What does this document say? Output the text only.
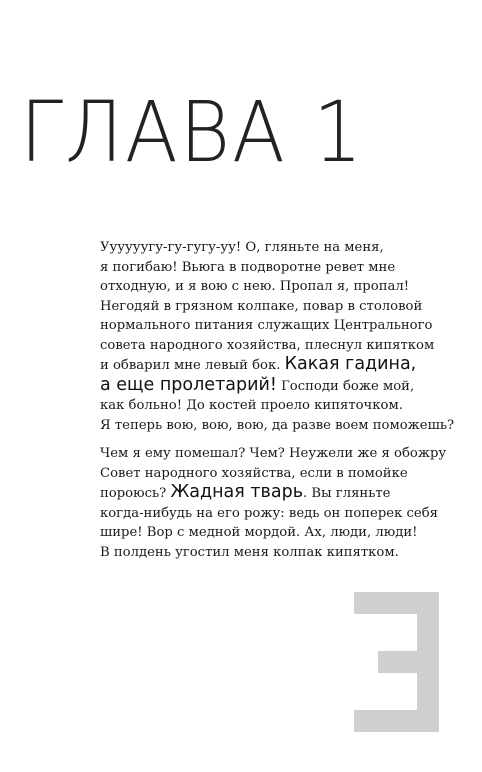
ГЛАВА 1
Уууууугу-гу-гугу-уу! О, гляньте на меня,
я погибаю! Вьюга в подворотне ревет мне
отходную, и я вою с нею. Пропал я, пропал!
Негодяй в грязном колпаке, повар в столовой
нормального питания служащих Центрального
совета народного хозяйства, плеснул кипятком
и обварил мне левый бок. Какая гадина,
а еще пролетарий! Господи боже мой,
как больно! До костей проело кипяточком.
Я теперь вою, вою, вою, да разве воем поможешь?
Чем я ему помешал? Чем? Неужели же я обожру
Совет народного хозяйства, если в помойке
пороюсь? Жадная тварь. Вы гляньте
когда-нибудь на его рожу: ведь он поперек себя
шире! Вор с медной мордой. Ах, люди, люди!
В полдень угостил меня колпак кипятком.
